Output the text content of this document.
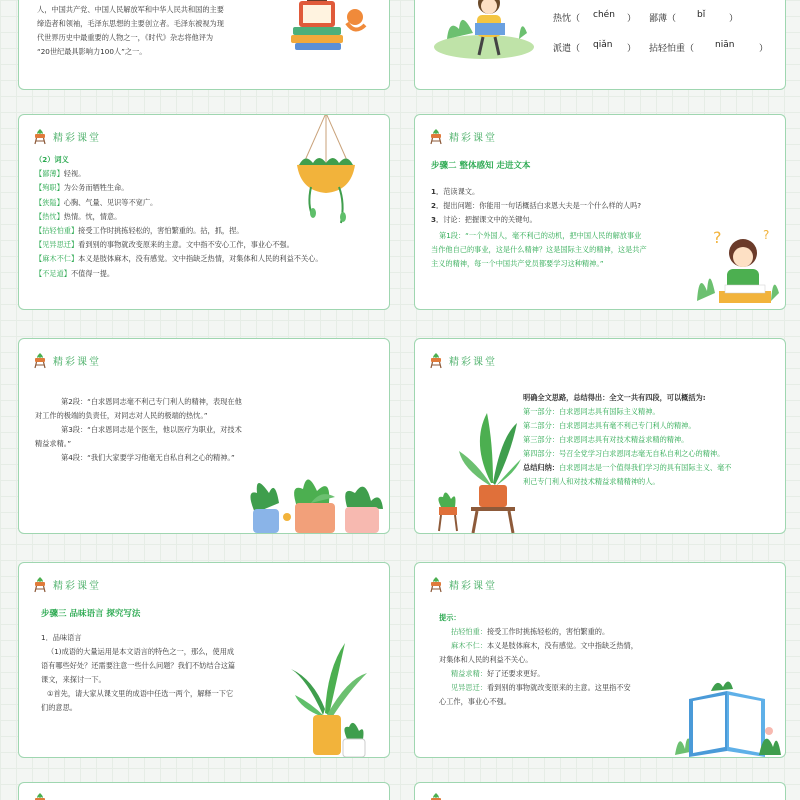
人，中国共产党、中国人民解放军和中华人民共和国的主要
缔造者和领袖，毛泽东思想的主要创立者。毛泽东被视为现
代世界历史中最重要的人物之一，《时代》杂志将他评为
“20世纪最具影响力100人”之一。
热忱（ chén ） 鄙薄（ bǐ	）
派遣（ qiǎn ） 拈轻怕重（ niān	）
精彩课堂
（2）词义
【鄙薄】轻视。
【殉职】为公务而牺牲生命。
【狭隘】心胸、气量、见识等不宽广。
【热忱】热情。忱，情意。
【拈轻怕重】接受工作时挑拣轻松的，害怕繁重的。拈，抓，捏。
【见异思迁】看到别的事物就改变原来的主意。文中指不安心工作，事业心不强。
【麻木不仁】本义是肢体麻木，没有感觉。文中指缺乏热情，对集体和人民的利益不关心。
【不足道】不值得一提。
精彩课堂
步骤二 整体感知 走进文本
1．范读课文。
2．提出问题：你能用一句话概括白求恩大夫是一个什么样的人吗?
3．讨论：把握课文中的关键句。
第1段：“一个外国人，毫不利己的动机，把中国人民的解放事业
当作他自己的事业，这是什么精神？这是国际主义的精神，这是共产
主义的精神，每一个中国共产党员都要学习这种精神。”
?	?
精彩课堂
第2段：“白求恩同志毫不利己专门利人的精神，表现在他
对工作的极端的负责任，对同志对人民的极端的热忱。”
第3段：“白求恩同志是个医生，他以医疗为职业，对技术
精益求精。”
第4段：“我们大家要学习他毫无自私自利之心的精神。”
精彩课堂
明确全文思路，总结得出：全文一共有四段，可以概括为:
第一部分：白求恩同志具有国际主义精神。
第二部分：白求恩同志具有毫不利己专门利人的精神。
第三部分：白求恩同志具有对技术精益求精的精神。
第四部分：号召全党学习白求恩同志毫无自私自利之心的精神。
总结归纳：白求恩同志是一个值得我们学习的具有国际主义、毫不
利己专门利人和对技术精益求精精神的人。
精彩课堂
步骤三 品味语言 探究写法
1．品味语言
（1)成语的大量运用是本文语言的特色之一，那么，使用成
语有哪些好处？还需要注意一些什么问题？我们不妨结合这篇
课文，来探讨一下。
①首先，请大家从课文里的成语中任选一两个，解释一下它
们的意思。
精彩课堂
提示：
拈轻怕重：接受工作时挑拣轻松的，害怕繁重的。
麻木不仁：本义是肢体麻木，没有感觉。文中指缺乏热情，
对集体和人民的利益不关心。
精益求精：好了还要求更好。
见异思迁：看到别的事物就改变原来的主意。这里指不安
心工作，事业心不强。
